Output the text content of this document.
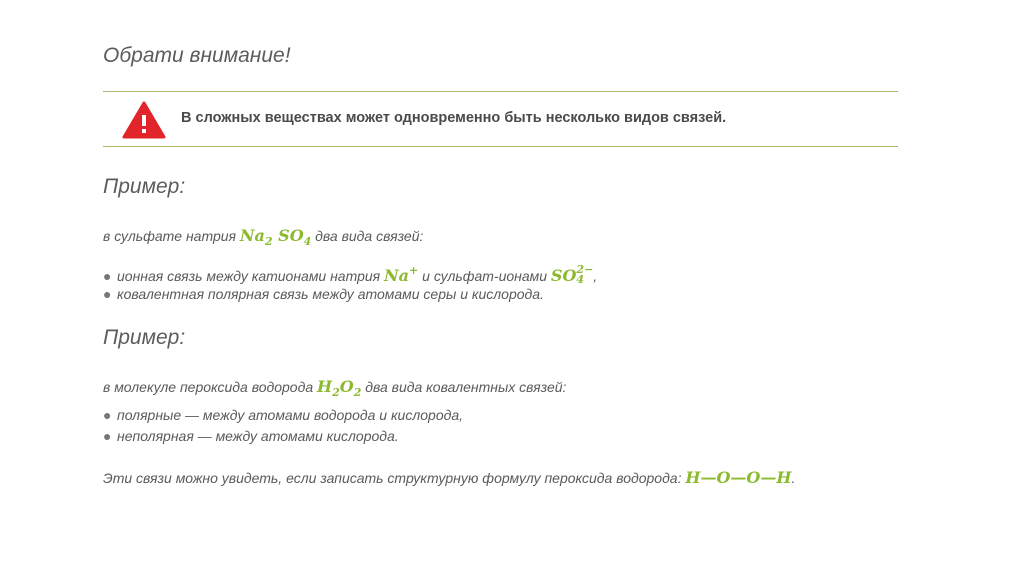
Обрати внимание!
В сложных веществах может одновременно быть несколько видов связей.
Пример:

в сульфате натрия $Na_2$ $SO_4$ два вида связей:

● ионная связь между катионами натрия Na+ и сульфат-ионами SO 2−
4 ,
● ковалентная полярная связь между атомами серы и кислорода.
Пример:

в молекуле пероксида водорода $H_2O_2$ два вида ковалентных связей:

● полярные — между атомами водорода и кислорода,
● неполярная — между атомами кислорода.

Эти связи можно увидеть, если записать структурную формулу пероксида водорода: H—O—O—H.
